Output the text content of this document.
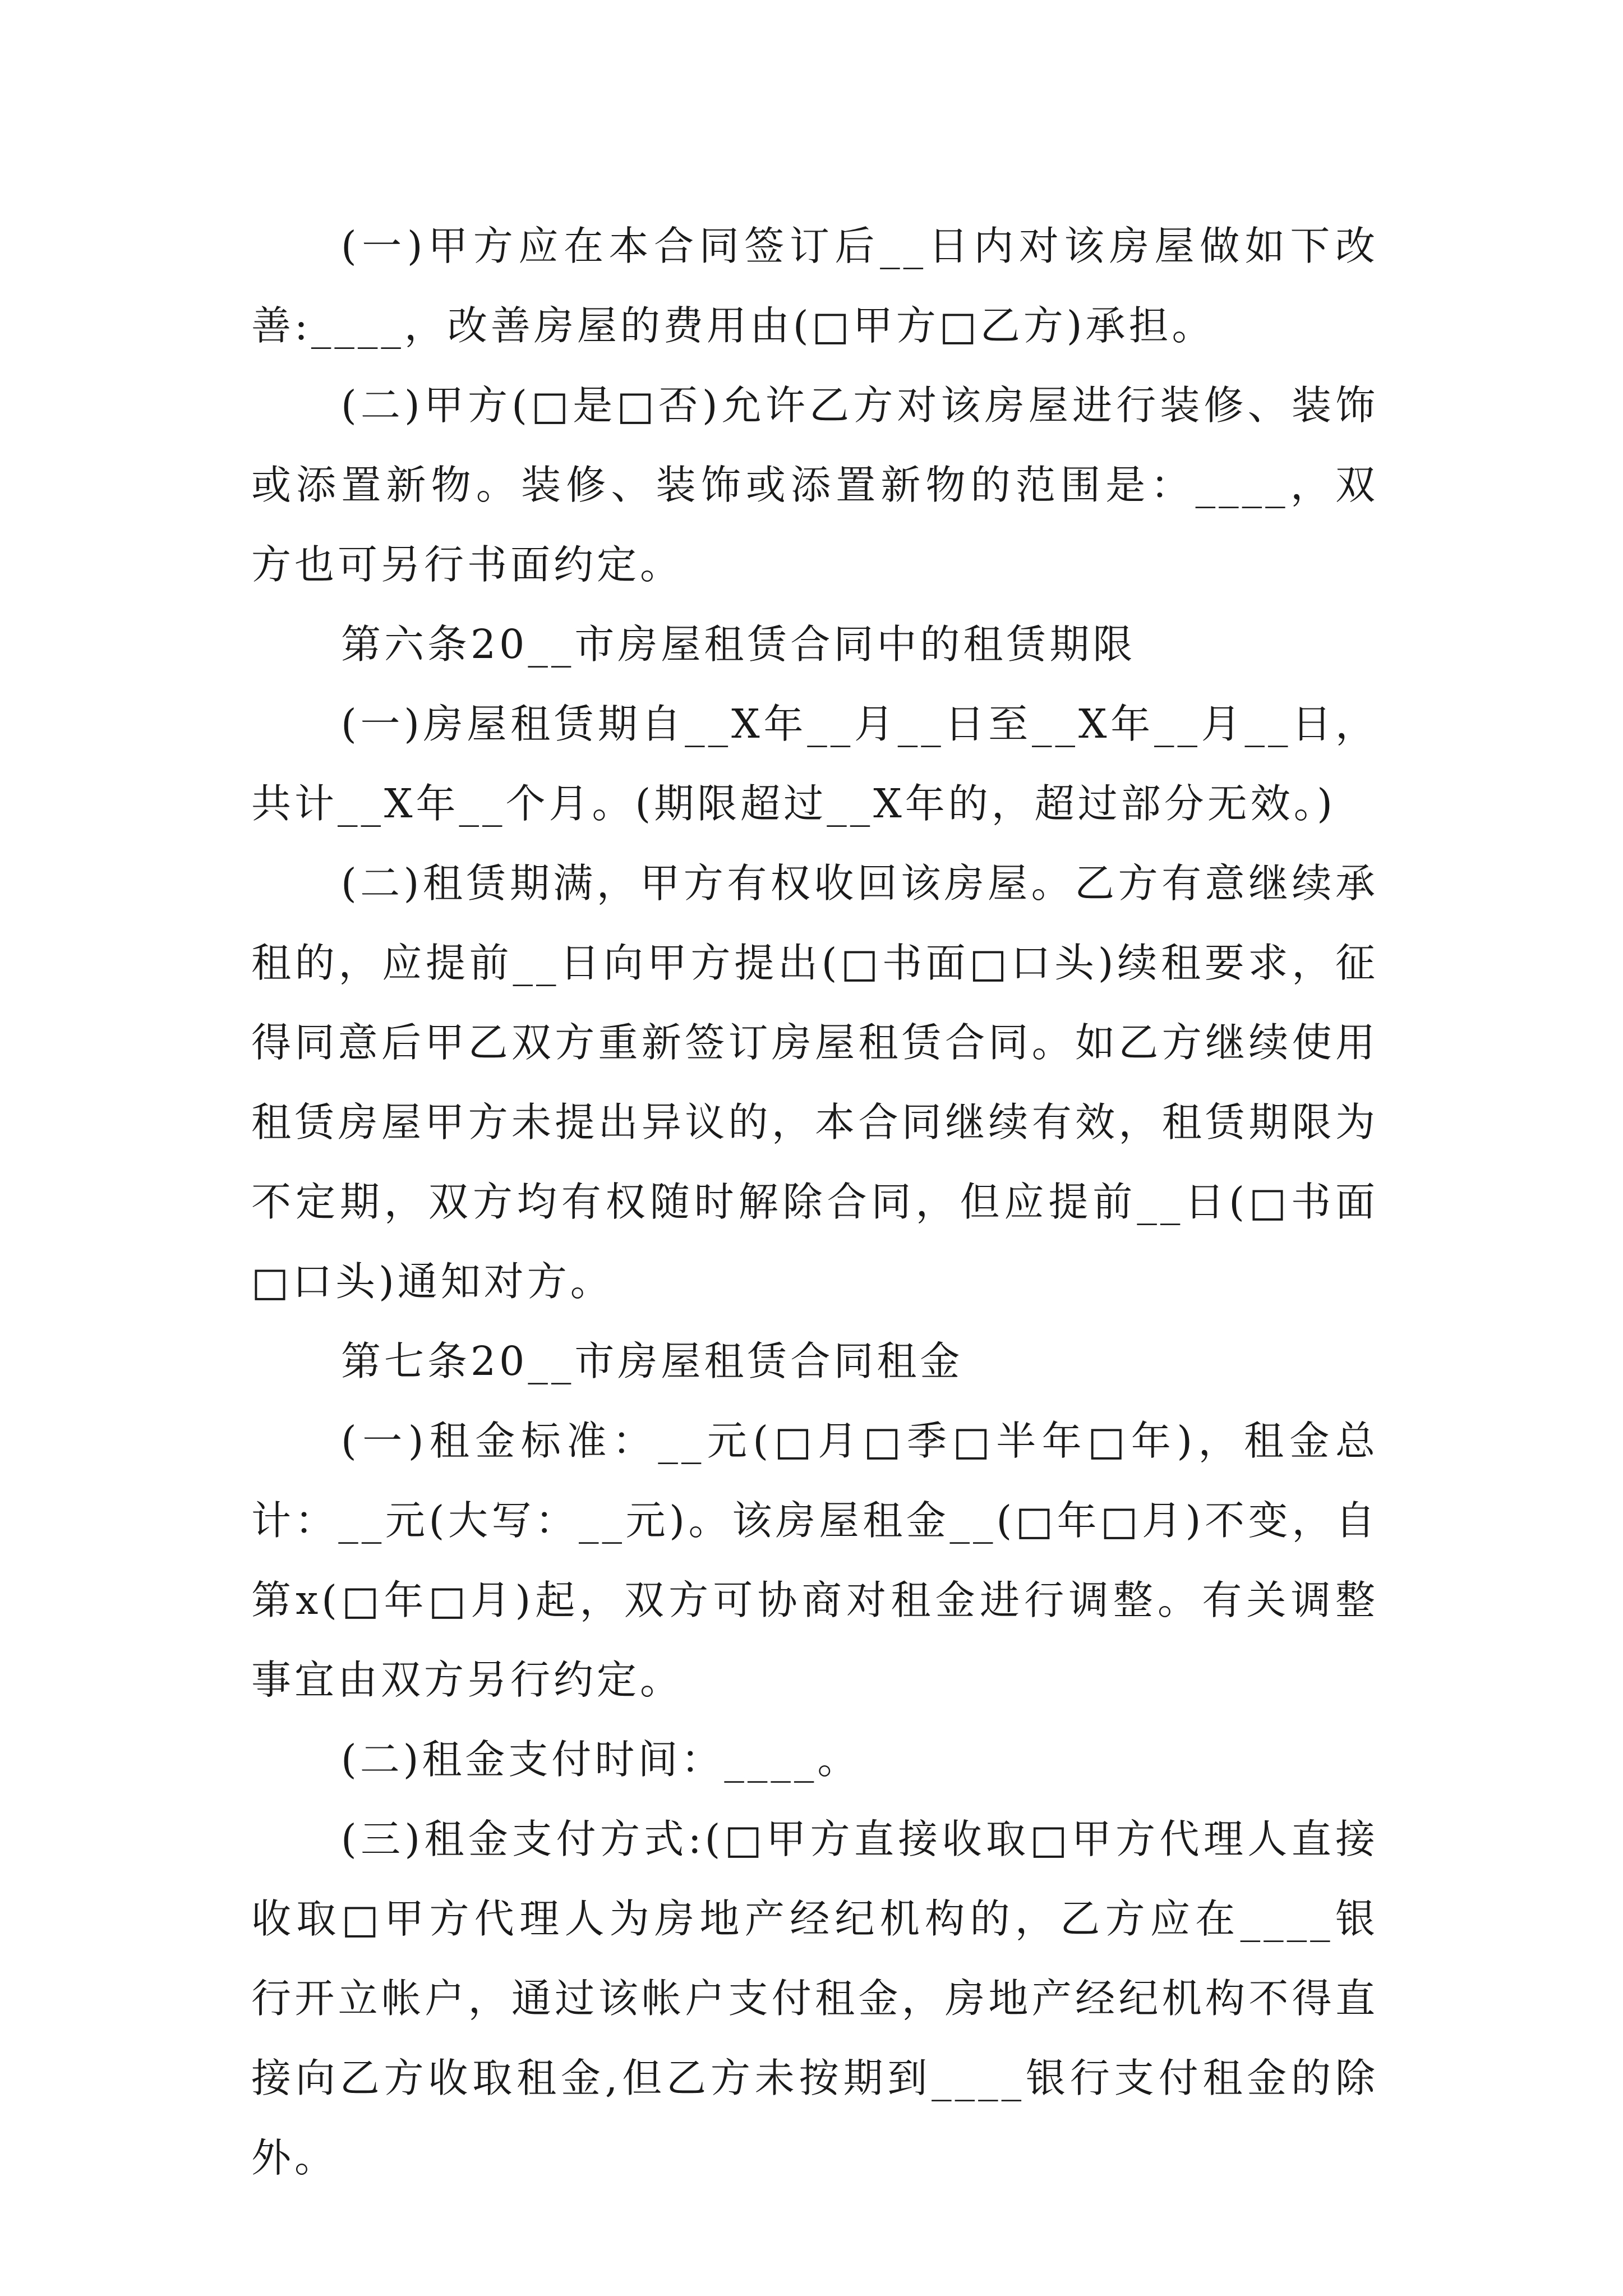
(一)甲方应在本合同签订后__日内对该房屋做如下改善:____，改善房屋的费用由(□甲方□乙方)承担。

(二)甲方(□是□否)允许乙方对该房屋进行装修、装饰或添置新物。装修、装饰或添置新物的范围是：____，双方也可另行书面约定。

第六条20__市房屋租赁合同中的租赁期限

(一)房屋租赁期自__X年__月__日至__X年__月__日，共计__X年__个月。(期限超过__X年的，超过部分无效。)

(二)租赁期满，甲方有权收回该房屋。乙方有意继续承租的，应提前__日向甲方提出(□书面□口头)续租要求，征得同意后甲乙双方重新签订房屋租赁合同。如乙方继续使用租赁房屋甲方未提出异议的，本合同继续有效，租赁期限为不定期，双方均有权随时解除合同，但应提前__日(□书面□口头)通知对方。

第七条20__市房屋租赁合同租金

(一)租金标准：__元(□月□季□半年□年)，租金总计：__元(大写：__元)。该房屋租金__(□年□月)不变，自第x(□年□月)起，双方可协商对租金进行调整。有关调整事宜由双方另行约定。

(二)租金支付时间：____。

(三)租金支付方式:(□甲方直接收取□甲方代理人直接收取□甲方代理人为房地产经纪机构的，乙方应在____银行开立帐户，通过该帐户支付租金，房地产经纪机构不得直接向乙方收取租金,但乙方未按期到____银行支付租金的除外。
